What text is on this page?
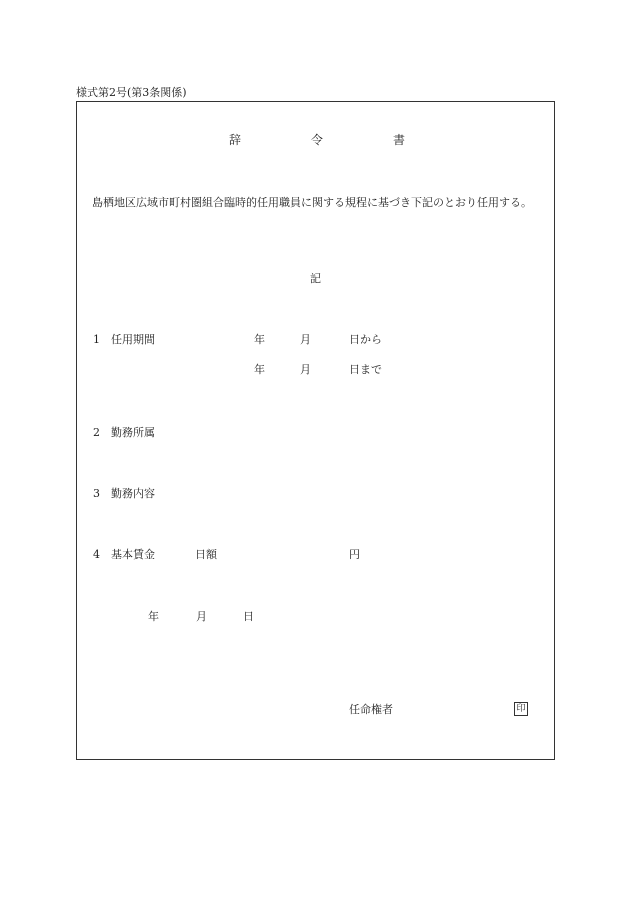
様式第2号(第3条関係)
辞	令	書
島栖地区広域市町村圏組合臨時的任用職員に関する規程に基づき下記のとおり任用する。
記
1 任用期間	年	月	日から
年	月	日まで
2 勤務所属
3 勤務内容
4 基本賃金	日額	円
年	月	日
任命権者	印
